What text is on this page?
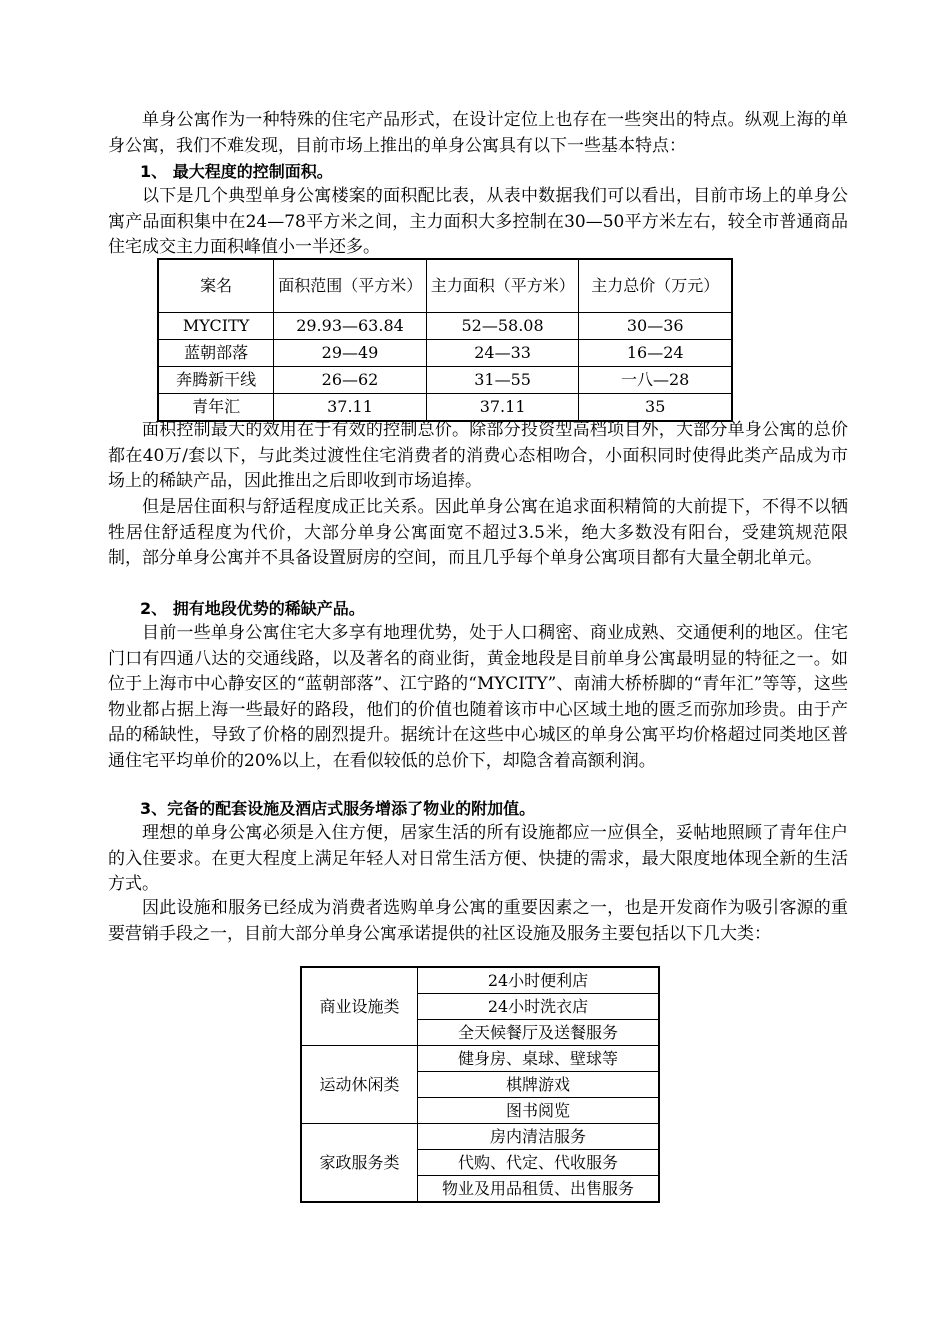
单身公寓作为一种特殊的住宅产品形式，在设计定位上也存在一些突出的特点。纵观上海的单身公寓，我们不难发现，目前市场上推出的单身公寓具有以下一些基本特点：

1、 最大程度的控制面积。

以下是几个典型单身公寓楼案的面积配比表，从表中数据我们可以看出，目前市场上的单身公寓产品面积集中在24—78平方米之间，主力面积大多控制在30—50平方米左右，较全市普通商品住宅成交主力面积峰值小一半还多。

案名	面积范围（平方米）	主力面积（平方米）	主力总价（万元）
MYCITY	29.93—63.84	52—58.08	30—36
蓝朝部落	29—49	24—33	16—24
奔腾新干线	26—62	31—55	一八—28
青年汇	37.11	37.11	35

面积控制最大的效用在于有效的控制总价。除部分投资型高档项目外，大部分单身公寓的总价都在40万/套以下，与此类过渡性住宅消费者的消费心态相吻合，小面积同时使得此类产品成为市场上的稀缺产品，因此推出之后即收到市场追捧。

但是居住面积与舒适程度成正比关系。因此单身公寓在追求面积精简的大前提下，不得不以牺牲居住舒适程度为代价，大部分单身公寓面宽不超过3.5米，绝大多数没有阳台，受建筑规范限制，部分单身公寓并不具备设置厨房的空间，而且几乎每个单身公寓项目都有大量全朝北单元。

2、 拥有地段优势的稀缺产品。

目前一些单身公寓住宅大多享有地理优势，处于人口稠密、商业成熟、交通便利的地区。住宅门口有四通八达的交通线路，以及著名的商业街，黄金地段是目前单身公寓最明显的特征之一。如位于上海市中心静安区的“蓝朝部落”、江宁路的“MYCITY”、南浦大桥桥脚的“青年汇”等等，这些物业都占据上海一些最好的路段，他们的价值也随着该市中心区域土地的匮乏而弥加珍贵。由于产品的稀缺性，导致了价格的剧烈提升。据统计在这些中心城区的单身公寓平均价格超过同类地区普通住宅平均单价的20%以上，在看似较低的总价下，却隐含着高额利润。

3、完备的配套设施及酒店式服务增添了物业的附加值。

理想的单身公寓必须是入住方便，居家生活的所有设施都应一应俱全，妥帖地照顾了青年住户的入住要求。在更大程度上满足年轻人对日常生活方便、快捷的需求，最大限度地体现全新的生活方式。

因此设施和服务已经成为消费者选购单身公寓的重要因素之一，也是开发商作为吸引客源的重要营销手段之一，目前大部分单身公寓承诺提供的社区设施及服务主要包括以下几大类：

商业设施类	24小时便利店
	24小时洗衣店
	全天候餐厅及送餐服务
运动休闲类	健身房、桌球、壁球等
	棋牌游戏
	图书阅览
家政服务类	房内清洁服务
	代购、代定、代收服务
	物业及用品租赁、出售服务
